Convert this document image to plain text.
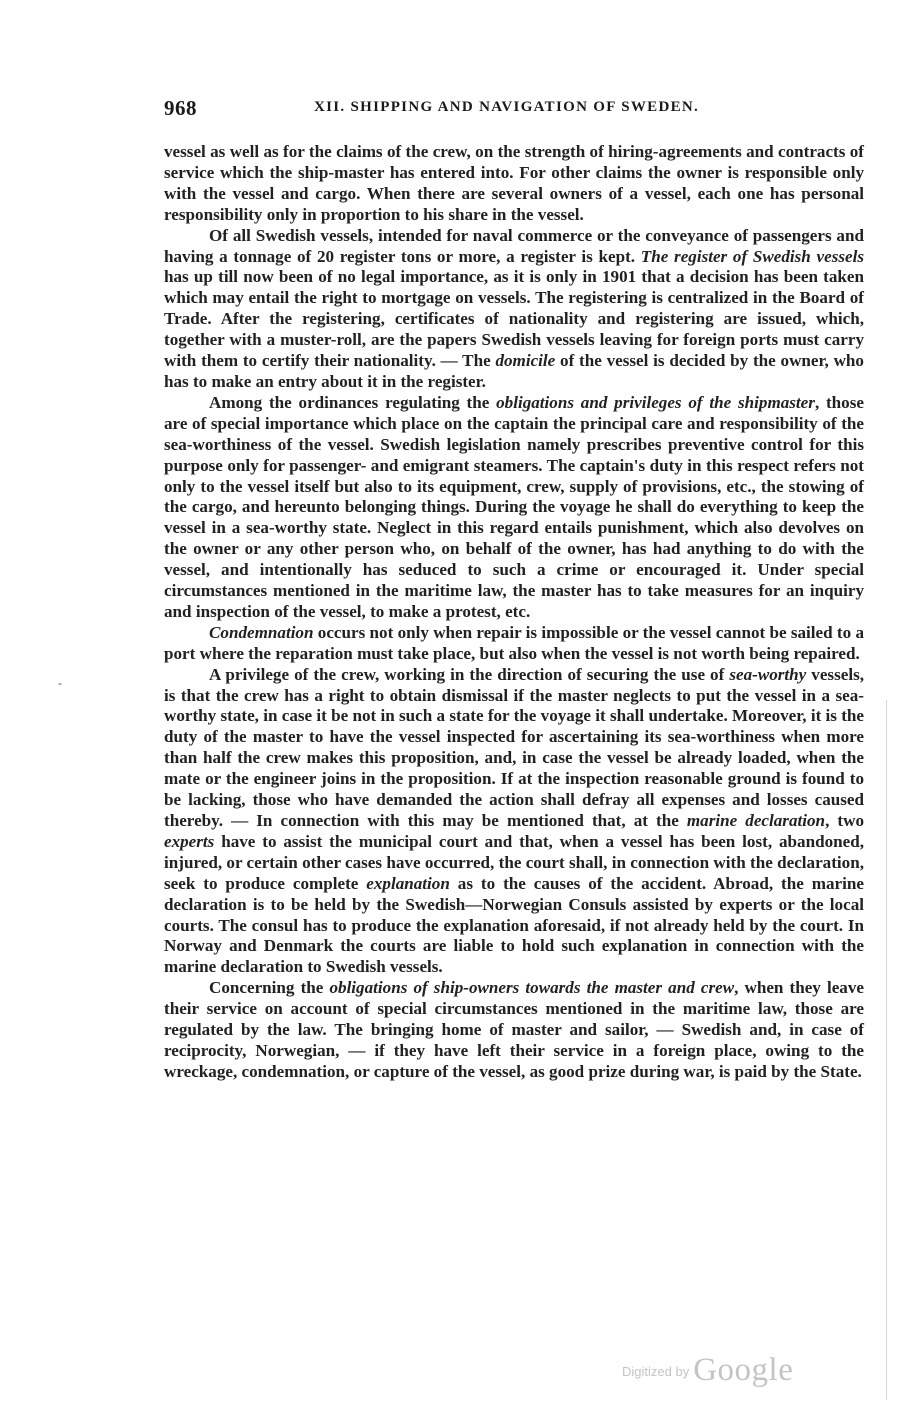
968	XII. SHIPPING AND NAVIGATION OF SWEDEN.

vessel as well as for the claims of the crew, on the strength of hiring-agreements and contracts of service which the ship-master has entered into. For other claims the owner is responsible only with the vessel and cargo. When there are several owners of a vessel, each one has personal responsibility only in proportion to his share in the vessel.

Of all Swedish vessels, intended for naval commerce or the conveyance of passengers and having a tonnage of 20 register tons or more, a register is kept. The register of Swedish vessels has up till now been of no legal importance, as it is only in 1901 that a decision has been taken which may entail the right to mortgage on vessels. The registering is centralized in the Board of Trade. After the registering, certificates of nationality and registering are issued, which, together with a muster-roll, are the papers Swedish vessels leaving for foreign ports must carry with them to certify their nationality. — The domicile of the vessel is decided by the owner, who has to make an entry about it in the register.

Among the ordinances regulating the obligations and privileges of the shipmaster, those are of special importance which place on the captain the principal care and responsibility of the sea-worthiness of the vessel. Swedish legislation namely prescribes preventive control for this purpose only for passenger- and emigrant steamers. The captain's duty in this respect refers not only to the vessel itself but also to its equipment, crew, supply of provisions, etc., the stowing of the cargo, and hereunto belonging things. During the voyage he shall do everything to keep the vessel in a sea-worthy state. Neglect in this regard entails punishment, which also devolves on the owner or any other person who, on behalf of the owner, has had anything to do with the vessel, and intentionally has seduced to such a crime or encouraged it. Under special circumstances mentioned in the maritime law, the master has to take measures for an inquiry and inspection of the vessel, to make a protest, etc.

Condemnation occurs not only when repair is impossible or the vessel cannot be sailed to a port where the reparation must take place, but also when the vessel is not worth being repaired.

A privilege of the crew, working in the direction of securing the use of sea-worthy vessels, is that the crew has a right to obtain dismissal if the master neglects to put the vessel in a sea-worthy state, in case it be not in such a state for the voyage it shall undertake. Moreover, it is the duty of the master to have the vessel inspected for ascertaining its sea-worthiness when more than half the crew makes this proposition, and, in case the vessel be already loaded, when the mate or the engineer joins in the proposition. If at the inspection reasonable ground is found to be lacking, those who have demanded the action shall defray all expenses and losses caused thereby. — In connection with this may be mentioned that, at the marine declaration, two experts have to assist the municipal court and that, when a vessel has been lost, abandoned, injured, or certain other cases have occurred, the court shall, in connection with the declaration, seek to produce complete explanation as to the causes of the accident. Abroad, the marine declaration is to be held by the Swedish—Norwegian Consuls assisted by experts or the local courts. The consul has to produce the explanation aforesaid, if not already held by the court. In Norway and Denmark the courts are liable to hold such explanation in connection with the marine declaration to Swedish vessels.

Concerning the obligations of ship-owners towards the master and crew, when they leave their service on account of special circumstances mentioned in the maritime law, those are regulated by the law. The bringing home of master and sailor, — Swedish and, in case of reciprocity, Norwegian, — if they have left their service in a foreign place, owing to the wreckage, condemnation, or capture of the vessel, as good prize during war, is paid by the State.

-
$^{Digitized by}$ Google
